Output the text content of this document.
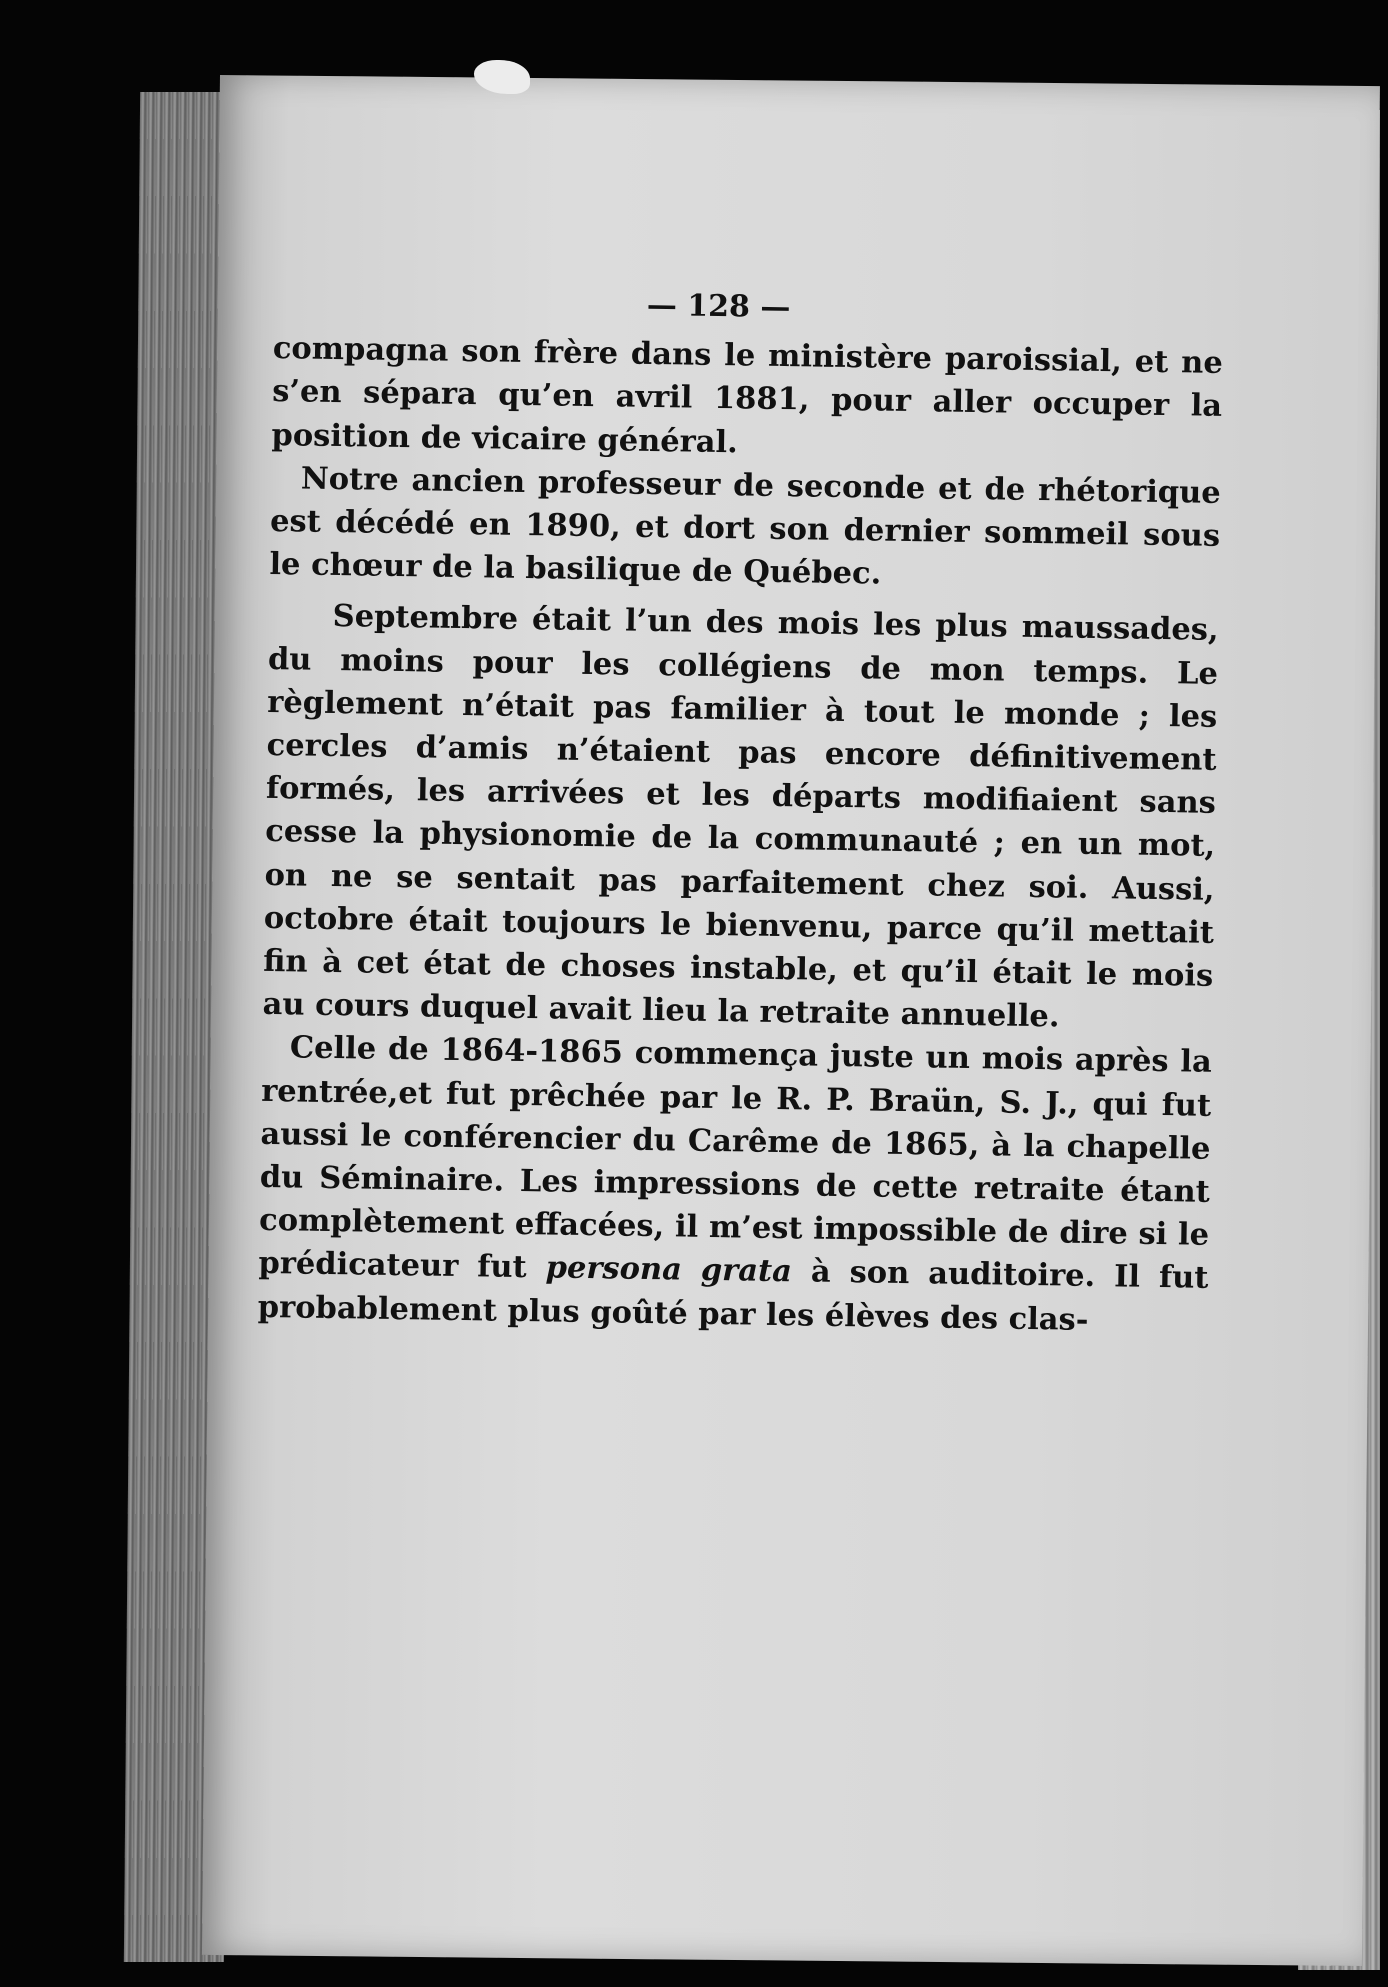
— 128 —

compagna son frère dans le ministère paroissial, et ne s’en sépara qu’en avril 1881, pour aller occuper la position de vicaire général.

Notre ancien professeur de seconde et de rhétorique est décédé en 1890, et dort son dernier sommeil sous le chœur de la basilique de Québec.

Septembre était l’un des mois les plus maussades, du moins pour les collégiens de mon temps. Le règlement n’était pas familier à tout le monde ; les cercles d’amis n’étaient pas encore définitivement formés, les arrivées et les départs modifiaient sans cesse la physionomie de la communauté ; en un mot, on ne se sentait pas parfaitement chez soi. Aussi, octobre était toujours le bienvenu, parce qu’il mettait fin à cet état de choses instable, et qu’il était le mois au cours duquel avait lieu la retraite annuelle.

Celle de 1864-1865 commença juste un mois après la rentrée,et fut prêchée par le R. P. Braün, S. J., qui fut aussi le conférencier du Carême de 1865, à la chapelle du Séminaire. Les impressions de cette retraite étant complètement effacées, il m’est impossible de dire si le prédicateur fut persona grata à son auditoire. Il fut probablement plus goûté par les élèves des clas-
